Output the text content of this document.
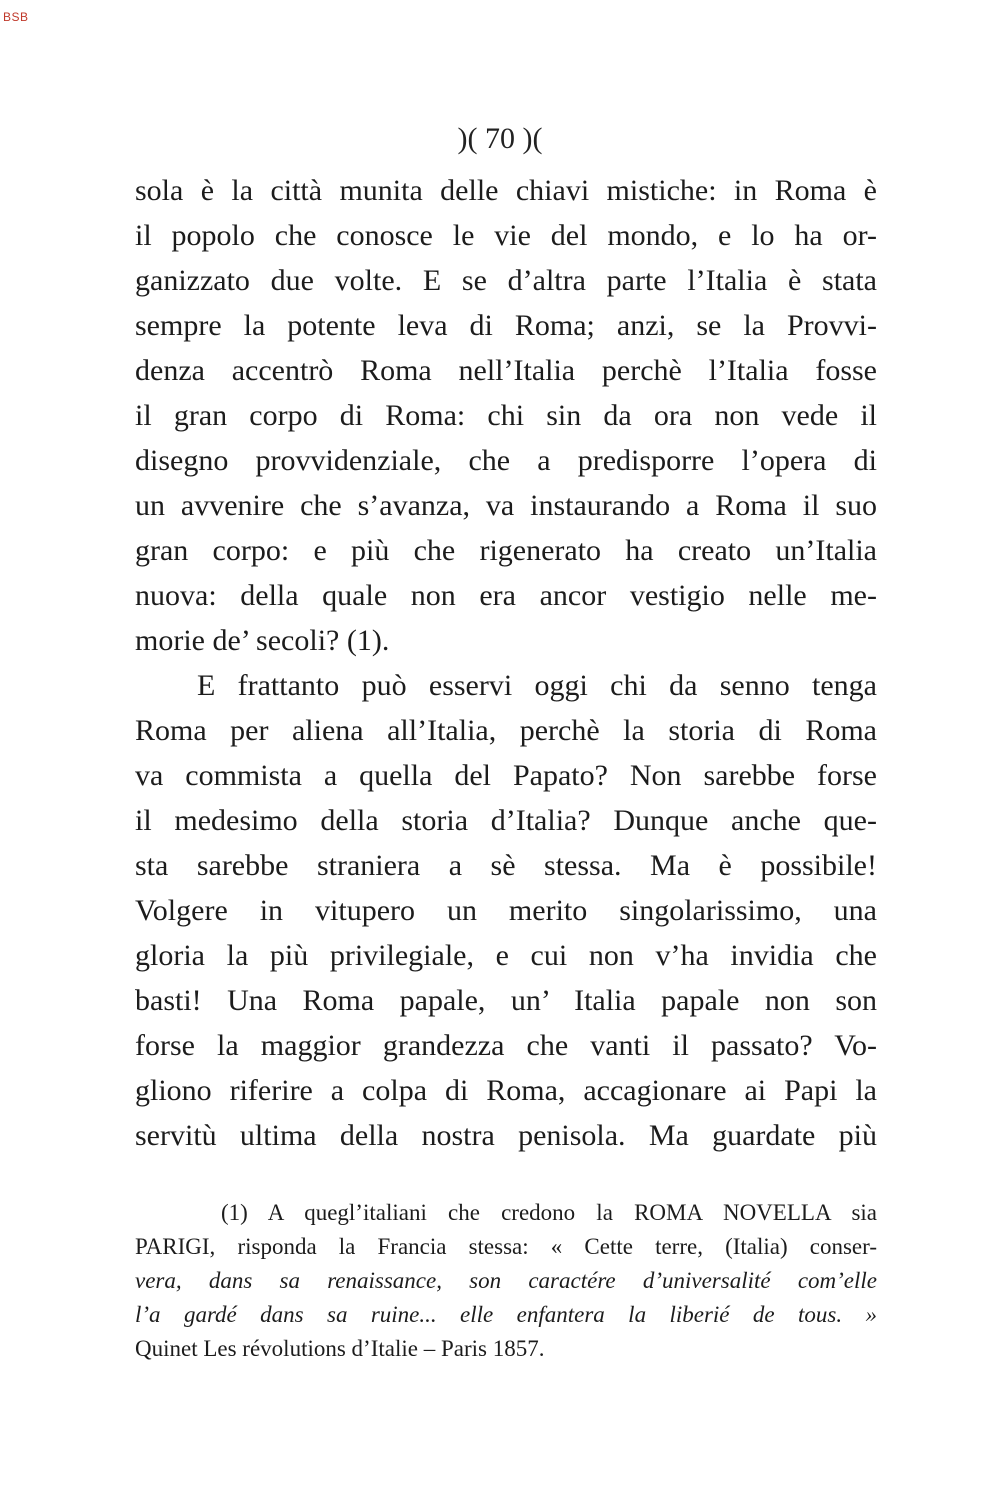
BSB
)( 70 )(
sola è la città munita delle chiavi mistiche: in Roma è
il popolo che conosce le vie del mondo, e lo ha or-
ganizzato due volte. E se d’altra parte l’Italia è stata
sempre la potente leva di Roma; anzi, se la Provvi-
denza accentrò Roma nell’Italia perchè l’Italia fosse
il gran corpo di Roma: chi sin da ora non vede il
disegno provvidenziale, che a predisporre l’opera di
un avvenire che s’avanza, va instaurando a Roma il suo
gran corpo: e più che rigenerato ha creato un’Italia
nuova: della quale non era ancor vestigio nelle me-
morie de’ secoli? (1).
E frattanto può esservi oggi chi da senno tenga
Roma per aliena all’Italia, perchè la storia di Roma
va commista a quella del Papato? Non sarebbe forse
il medesimo della storia d’Italia? Dunque anche que-
sta sarebbe straniera a sè stessa. Ma è possibile!
Volgere in vitupero un merito singolarissimo, una
gloria la più privilegiale, e cui non v’ha invidia che
basti! Una Roma papale, un’ Italia papale non son
forse la maggior grandezza che vanti il passato? Vo-
gliono riferire a colpa di Roma, accagionare ai Papi la
servitù ultima della nostra penisola. Ma guardate più
(1) A quegl’italiani che credono la ROMA NOVELLA sia
PARIGI, risponda la Francia stessa: « Cette terre, (Italia) conser-
vera, dans sa renaissance, son caractére d’universalité com’elle
l’a gardé dans sa ruine... elle enfantera la liberié de tous. »
Quinet Les révolutions d’Italie – Paris 1857.
